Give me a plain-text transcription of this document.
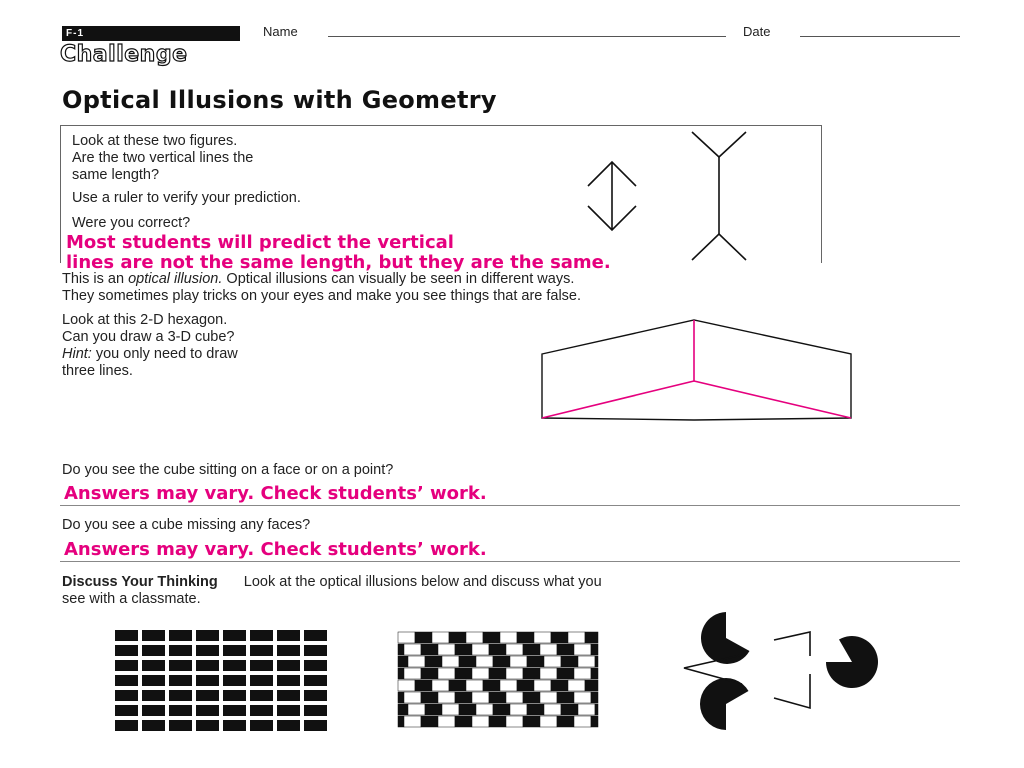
F-1
Challenge
Name	Date
Optical Illusions with Geometry
Look at these two figures.
Are the two vertical lines the
same length?
Use a ruler to verify your prediction.
Were you correct?
Most students will predict the vertical
lines are not the same length, but they are the same.
This is an optical illusion. Optical illusions can visually be seen in different ways.
They sometimes play tricks on your eyes and make you see things that are false.
Look at this 2-D hexagon.
Can you draw a 3-D cube?
Hint: you only need to draw
three lines.
Do you see the cube sitting on a face or on a point?
Answers may vary. Check students’ work.
Do you see a cube missing any faces?
Answers may vary. Check students’ work.
Discuss Your Thinking Look at the optical illusions below and discuss what you
see with a classmate.
